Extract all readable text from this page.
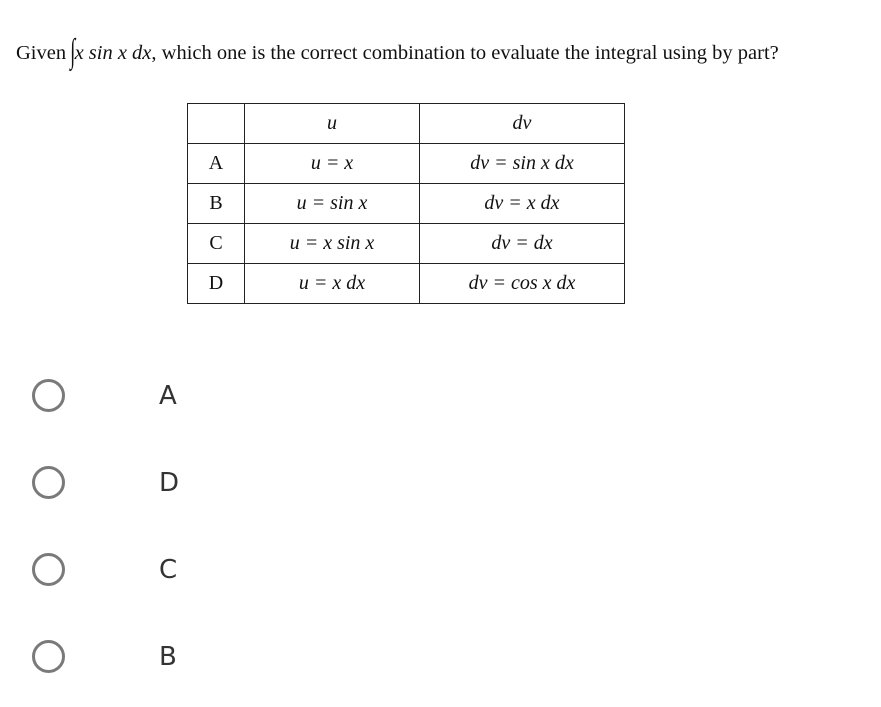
Given ∫x sin x dx, which one is the correct combination to evaluate the integral using by part?

	u	dv
A	u = x	dv = sin x dx
B	u = sin x	dv = x dx
C	u = x sin x	dv = dx
D	u = x dx	dv = cos x dx
A
D
C
B
